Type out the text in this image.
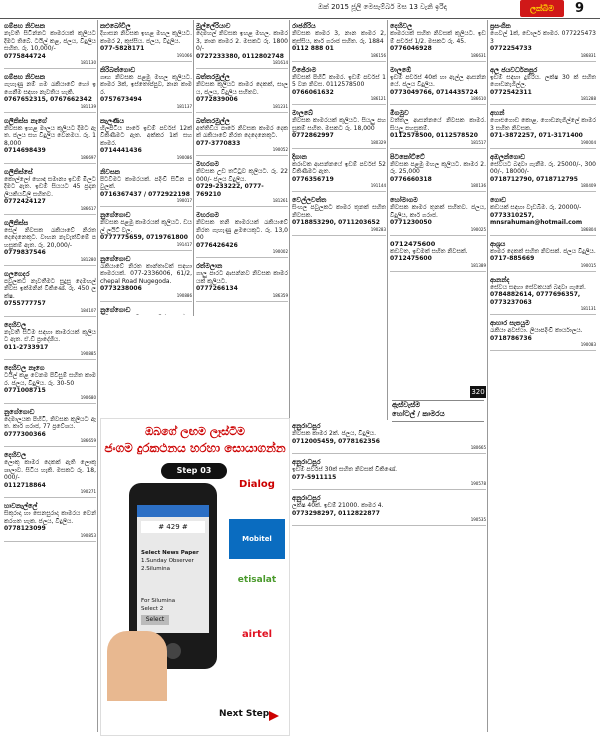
ඔක් 2015 ජූලි මෙසැම්බර් මස 13 වැනි ඉරිදා	ලක්බිම	9
ගම්පහ නිවසක
නැවති සිටින්නට කාමරයක් කුලියට දීමට තිබේ. ටයිල් කළ, ජලය, විදුලිය සහිත. රු. 10,000/-
0775844724
181130
ගම්පහ නිවසක
ගැහැණු නම් ගම රැකියාවේ හෝ ඉගෙනීම සඳහා නැවතිය හැකි.
0767652315, 0767662342
181139
ගලිකිස්ස නැගේ
නිවසක ඉහළ මාලය කුලියට දීමට ඇත. ජලය සහ විදුලිය වෙනමය. රු. 18,000
0714698439
186697
ගලිකිස්සේ
කොල්ලෝ හොඳ සමාන්‍ය ඉඩම් මිලට දීමට ඇත. ඉඩම් සියයට 45 ප්‍රදාන ලියකියවිලි සහිතව.
0772424127
186617
ගලිකිස්ස
සෙල් නිවසක රැකියාවේ නිරත දෙදෙනෙකුට. වාහන නැවැත්වීමේ පහසුකම් ඇත. රු. 20,000/-
0779837546
181280
ගලගෙදර
පවුලකට නැවතීමට සුදුසු දෙමහල් නිවස ඉක්මනින් විකිණේ. රු. 450 ලක්ෂ.
0755777757
184107
දෙහිවල
නැවතී සිටීම සඳහා කාමරයක් කුලියට ඇත. ඒ.ඩී ප්‍රාදේශීය.
011-2733917
190885
දෙහිවල නැගෙ
ටයිල් කළ වෙනම පිවිසුම් සහිත කාමර. ජලය, විදුලිය. රු. 30-50
0771008715
190680
නුගේගොඩ
දෙමාලයක පිහිටි, නිවසක කුලියට ඇත. කාර් ගරාජ, 77 ප්‍රවේශය.
0777300366
186659
දෙහිවල
ලොකු කාමර දෙකක් ඇති ලොකු ශාලාව. සිටිය හැකි. මසකට රු. 18,000/-
0112718864
190271
හාවනැල්ලේ
සිකුරාදා හා සෙනසුරාදා කාමරය වෙන් කරගත හැක. ජලය, විදුලිය.
0778123099
190853
කළුබෝවිල
දිගාසන නිවසක ඉහළ මහල කුලියට. කාමර 2, කුස්සිය. ජලය, විදුලිය.
077-5828171
191066
කිරිබත්ගොඩ
ගෘහ නිවසක පළමු මහල කුලියට. කාමර 3ක්, ඉස්තෝප්පුව, නාන කාමර.
0757673494
181137
කැලණිය
හිලපිටිය පාරේ ඉඩම් පර්චස් 12ක් විකිණීමට ඇත. අක්කර 1ක් සහ කාමර.
0714441436
190086
නිවසක
පිටවීමට කාමරයක්. පදිංචි සිටින පවුලක්.
0716367437 / 0772922198
190017
නුගේගොඩ
නිවසක පළමු කාමරයක් කුලියට. ඩයල් ලයිට් වල.
0777775659, 0719761800
191417
නුගේගොඩ
රැකියාවේ නිරත කාන්තාවක් සඳහා කාමරයක්. 077-2336006, 61/2, chepal Road Nugegoda.
0773238006
190886
නුගේගොඩ
මුල්ලේරියාව
දෙමහල් නිවසක ඉහළ මහල. කාමර 3, නාන කාමර 2. මසකට රු. 18000/-
0727233380, 0112802748
181614
බත්තරමුල්ල
නිවසක කුලියට කාමර දෙකක්, සාලය, ජලය, විදුලිය සහිතව.
0772839006
181231
බත්තරමුල්ල
අත්තිඩිය පාරේ නිවසක කාමර දෙකක් රැකියාවේ නිරත දෙදෙනෙකුට.
077-3770833
190052
මහරගම
නිවසක උඩ තට්ටුව කුලියට. රු. 22000/- ජලය විදුලිය.
0729-233222, 0777-769210
181261
මහරගම
නිවසක තනි කාමරයක් රැකියාවේ නිරත ගැහැණු ළමයෙකුට. රු. 13,000
0776426426
190002
රත්මලාන
ගාලු පාරට ආසන්නව නිවසක කාමරයක් කුලියට.
0777266134
186359
රාජගිරිය
නිවසක කාමර 3, නාන කාමර 2, කුස්සිය, කාර් ගරාජ සහිත. රු. 1884
0112 888 01
186156
විජේරාම
නිවසක් පිහිටි කාමර. ඉඩම් පර්චස් 15 වන නිවස. 0112578500
0766061632
186121
මාලබේ
නිවසක කාමරයක් කුලියට. සියලු පහසුකම් සහිත. මසකට රු. 18,000
0772862997
180329
දිගාන
කරාවක ආසන්නයේ ඉඩම් පර්චස් 52 විකිණීමට ඇත.
0776356719
191144
වෙල්ලවත්ත
සිංහල පවුලකට කාමර තුනක් සහිත නිවසක.
0718853290, 0711203652
190283
දෙහිවල
කාමරයක් සහිත නිවසක් කුලියට. ඉඩම් පර්චස් 1/2. මසකට රු. 45.
0776046928
186631
මාලඹේ
ඉඩම් පර්චස් 40ක් හා ඇල්ල ආසන්නයේ. ජලය විදුලිය.
0773049766, 0714435724
186610
මීගමුව
වත්තල ආසන්නයේ නිවසක කාමර. සියලු පහසුකම්.
0112578500, 0112578520
181517
පිටකෝට්ටේ
නිවසක පළමු මහල කුලියට. කාමර 2. රු. 25,000
0776660318
180136
හෝමාගම
නිවසක කාමර තුනක් සහිතව. ජලය, විදුලිය, කාර් ගරාජ.
0771230050
190025
0712475600
කඩවත, ඉඩමක් සහිත නිවසක්.
0712475600
181389
ප්‍රසංගික
ගෙවල් 1ක්, ඩොලර් කාමර. 0772254733
0772254733
186831
අල ජයවර්ධනපුර
ඉඩම් සඳහා දුම්රිය. ලක්ෂ 30 ක් සහිත ගොඩනැගිල්ල.
0772542311
181288
අහන්
ගොළුගොඩ කොළ. ගොඩනැගිල්ලේ කාමර 3 සහිත නිවසක.
071-3872257, 071-3171400
190004
අඹලන්ගොඩ
සේවයට බඳවා ගැනීම. රු. 25000/-, 30000/-, 18000/-
0718712790, 0718712795
180409
ගොඩ
කඩයක් සඳහා වැඩබිම. රු. 20000/-
0773310257, mnsrahuman@hotmail.com
186804
ආශ්‍රය
කාමර දෙකක් සහිත නිවසක්. ජලය විදුලිය.
0717-885669
190015
ආනන්ද
සේවය සඳහා සේවකයන් බඳවා ගැනේ.
0784882614, 0777696357, 0773237063
181131
ආහාර සැපයුම
රැකියා අවස්ථා. ලියාපදිංචි කාර්යාලය.
0718786736
190083
අනුරාධපුර
නිවසක කාමර 2ක්. ජලය, විදුලිය.
0712005459, 0778162356
180665
අනුරාධපුර
ඉඩම් පර්චස් 30ක් සහිත නිවසක් විකිණේ.
077-5911115
190578
අනුරාධපුර
ලක්ෂ 40ක්. ඉඩම් 21000. කාමර 4.
0773298297, 0112822877
190535
320
ඇස්වැස්ම
හෝටල් / කාමරය
ඔබගේ ලඟම ලෑස්ටිම
ජංගම දුරකථනය හරහා සොයාගන්න
Step 03
# 429 #
Select News Paper
1.Sunday Observer
2.Silumina
For Silumina
Select 2
Select
Dialog
Mobitel
etisalat
airtel
Next Step
